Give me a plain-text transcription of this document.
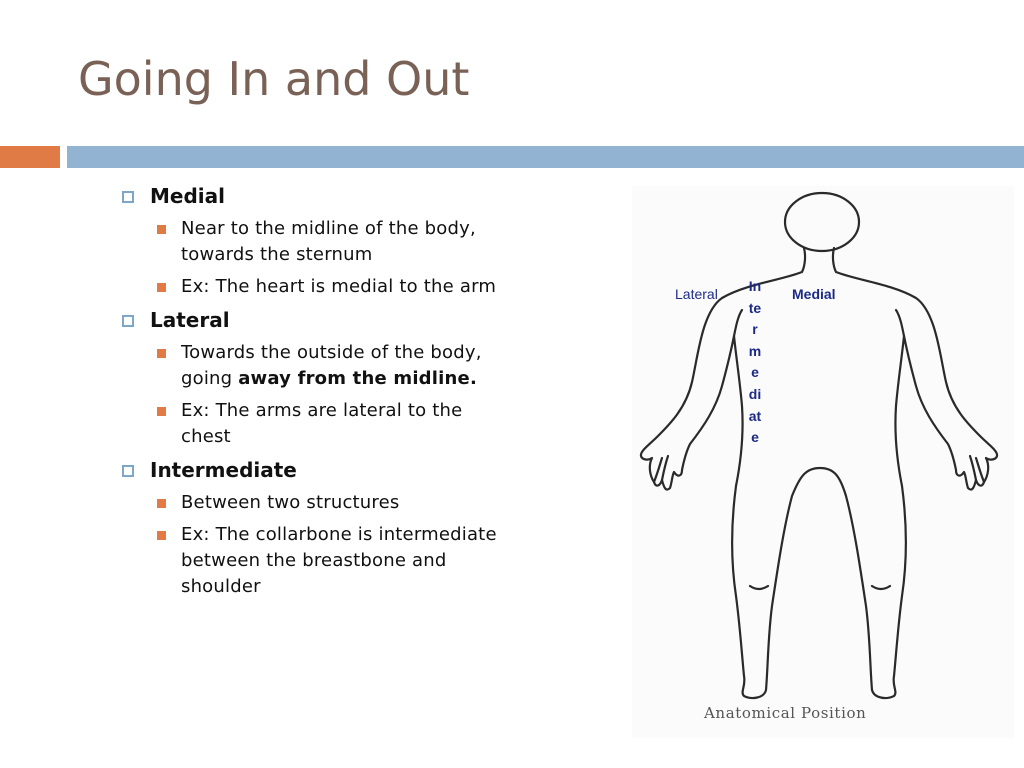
Going In and Out
Medial
Near to the midline of the body, towards the sternum
Ex: The heart is medial to the arm
Lateral
Towards the outside of the body, going away from the midline.
Ex: The arms are lateral to the chest
Intermediate
Between two structures
Ex: The collarbone is intermediate between the breastbone and shoulder
Lateral	Medial
Intermediate
Anatomical Position
